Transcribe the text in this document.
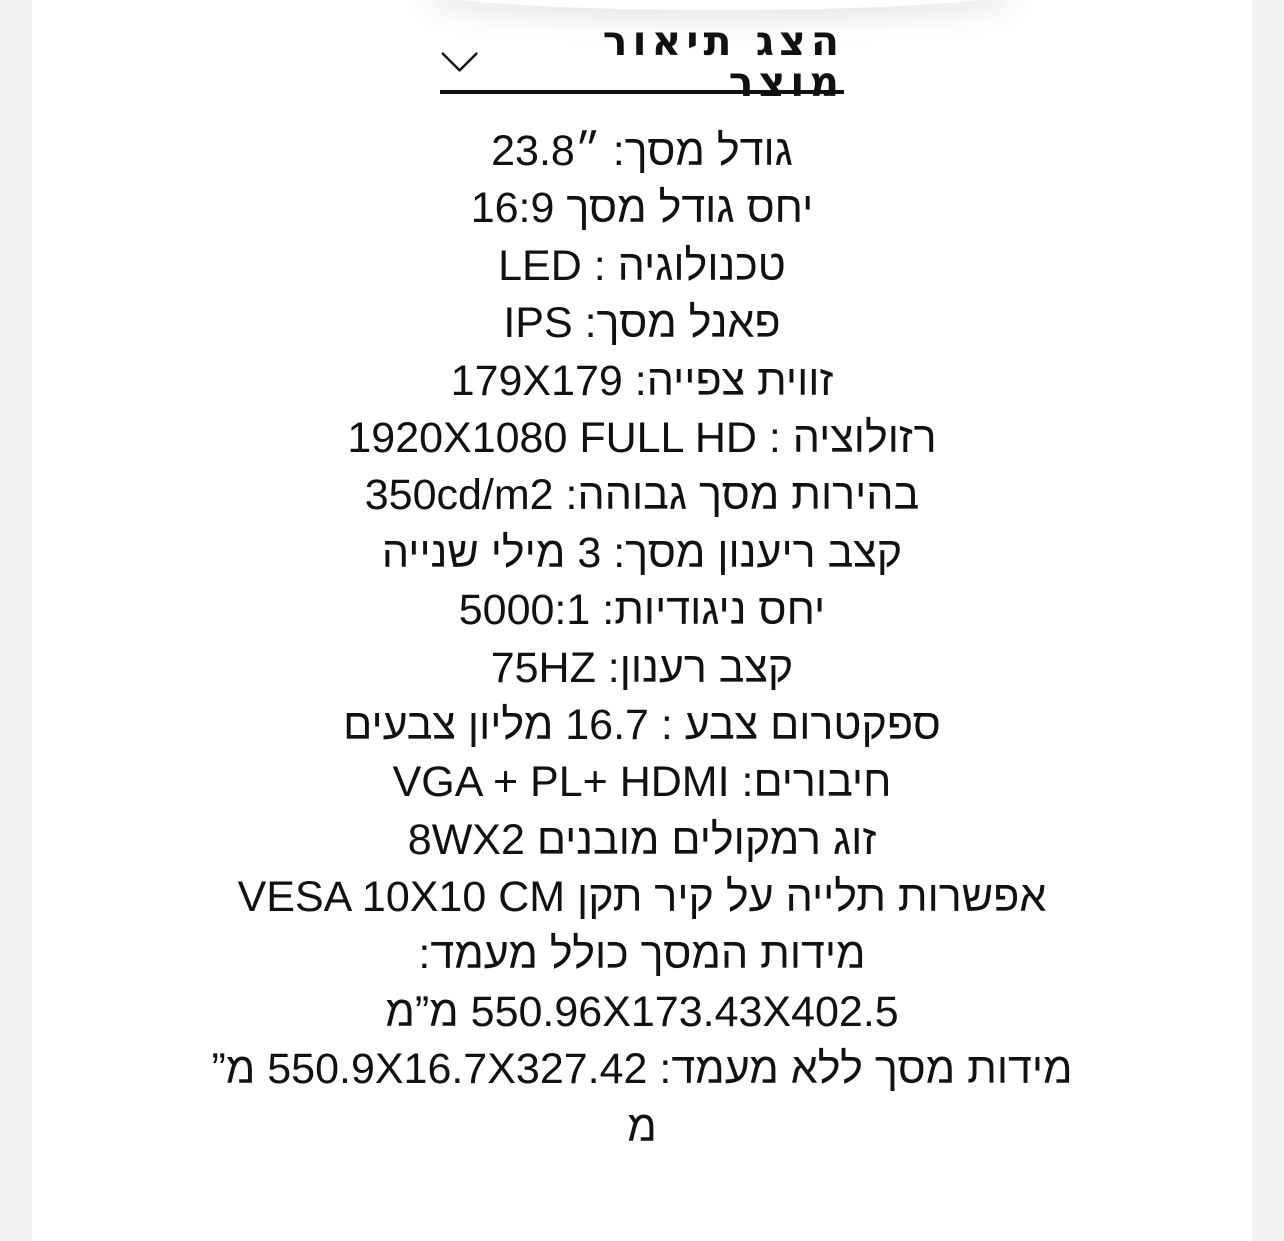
הצג תיאור מוצר
גודל מסך: ״23.8
יחס גודל מסך 16:9
טכנולוגיה : LED
פאנל מסך: IPS
זווית צפייה: 179X179
רזולוציה : 1920X1080 FULL HD
בהירות מסך גבוהה: 350cd/m2
קצב ריענון מסך: 3 מילי שנייה
יחס ניגודיות: 5000:1
קצב רענון: 75HZ
ספקטרום צבע : 16.7 מליון צבעים
חיבורים: VGA + PL+ HDMI
זוג רמקולים מובנים 8WX2
אפשרות תלייה על קיר תקן VESA 10X10 CM
מידות המסך כולל מעמד:
550.96X173.43X402.5 מ”מ
מידות מסך ללא מעמד: 550.9X16.7X327.42 מ”
מ
